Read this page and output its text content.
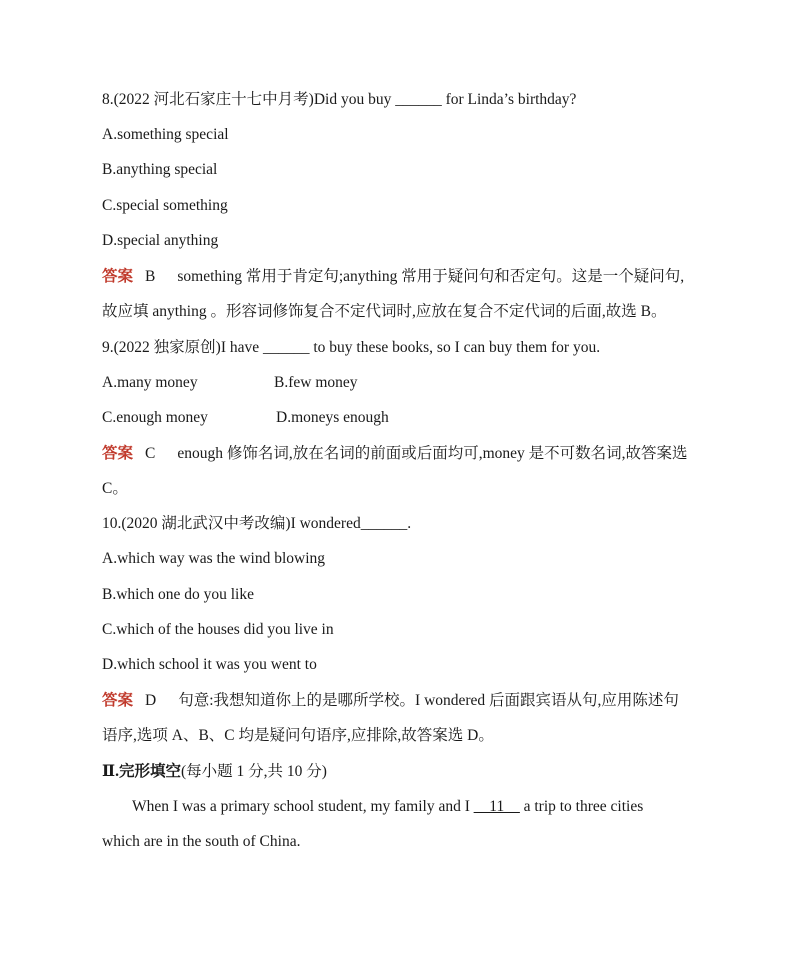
8.(2022 河北石家庄十七中月考)Did you buy ______ for Linda’s birthday?
A.something special
B.anything special
C.special something
D.special anything
答案 B something 常用于肯定句;anything 常用于疑问句和否定句。这是一个疑问句,
故应填 anything 。形容词修饰复合不定代词时,应放在复合不定代词的后面,故选 B。
9.(2022 独家原创)I have ______ to buy these books, so I can buy them for you.
A.many money	B.few money
C.enough money	D.moneys enough
答案 C enough 修饰名词,放在名词的前面或后面均可,money 是不可数名词,故答案选
C。
10.(2020 湖北武汉中考改编)I wondered______.
A.which way was the wind blowing
B.which one do you like
C.which of the houses did you live in
D.which school it was you went to
答案 D 句意:我想知道你上的是哪所学校。I wondered 后面跟宾语从句,应用陈述句
语序,选项 A、B、C 均是疑问句语序,应排除,故答案选 D。
Ⅱ.完形填空(每小题 1 分,共 10 分)
When I was a primary school student, my family and I __11__ a trip to three cities
which are in the south of China.
